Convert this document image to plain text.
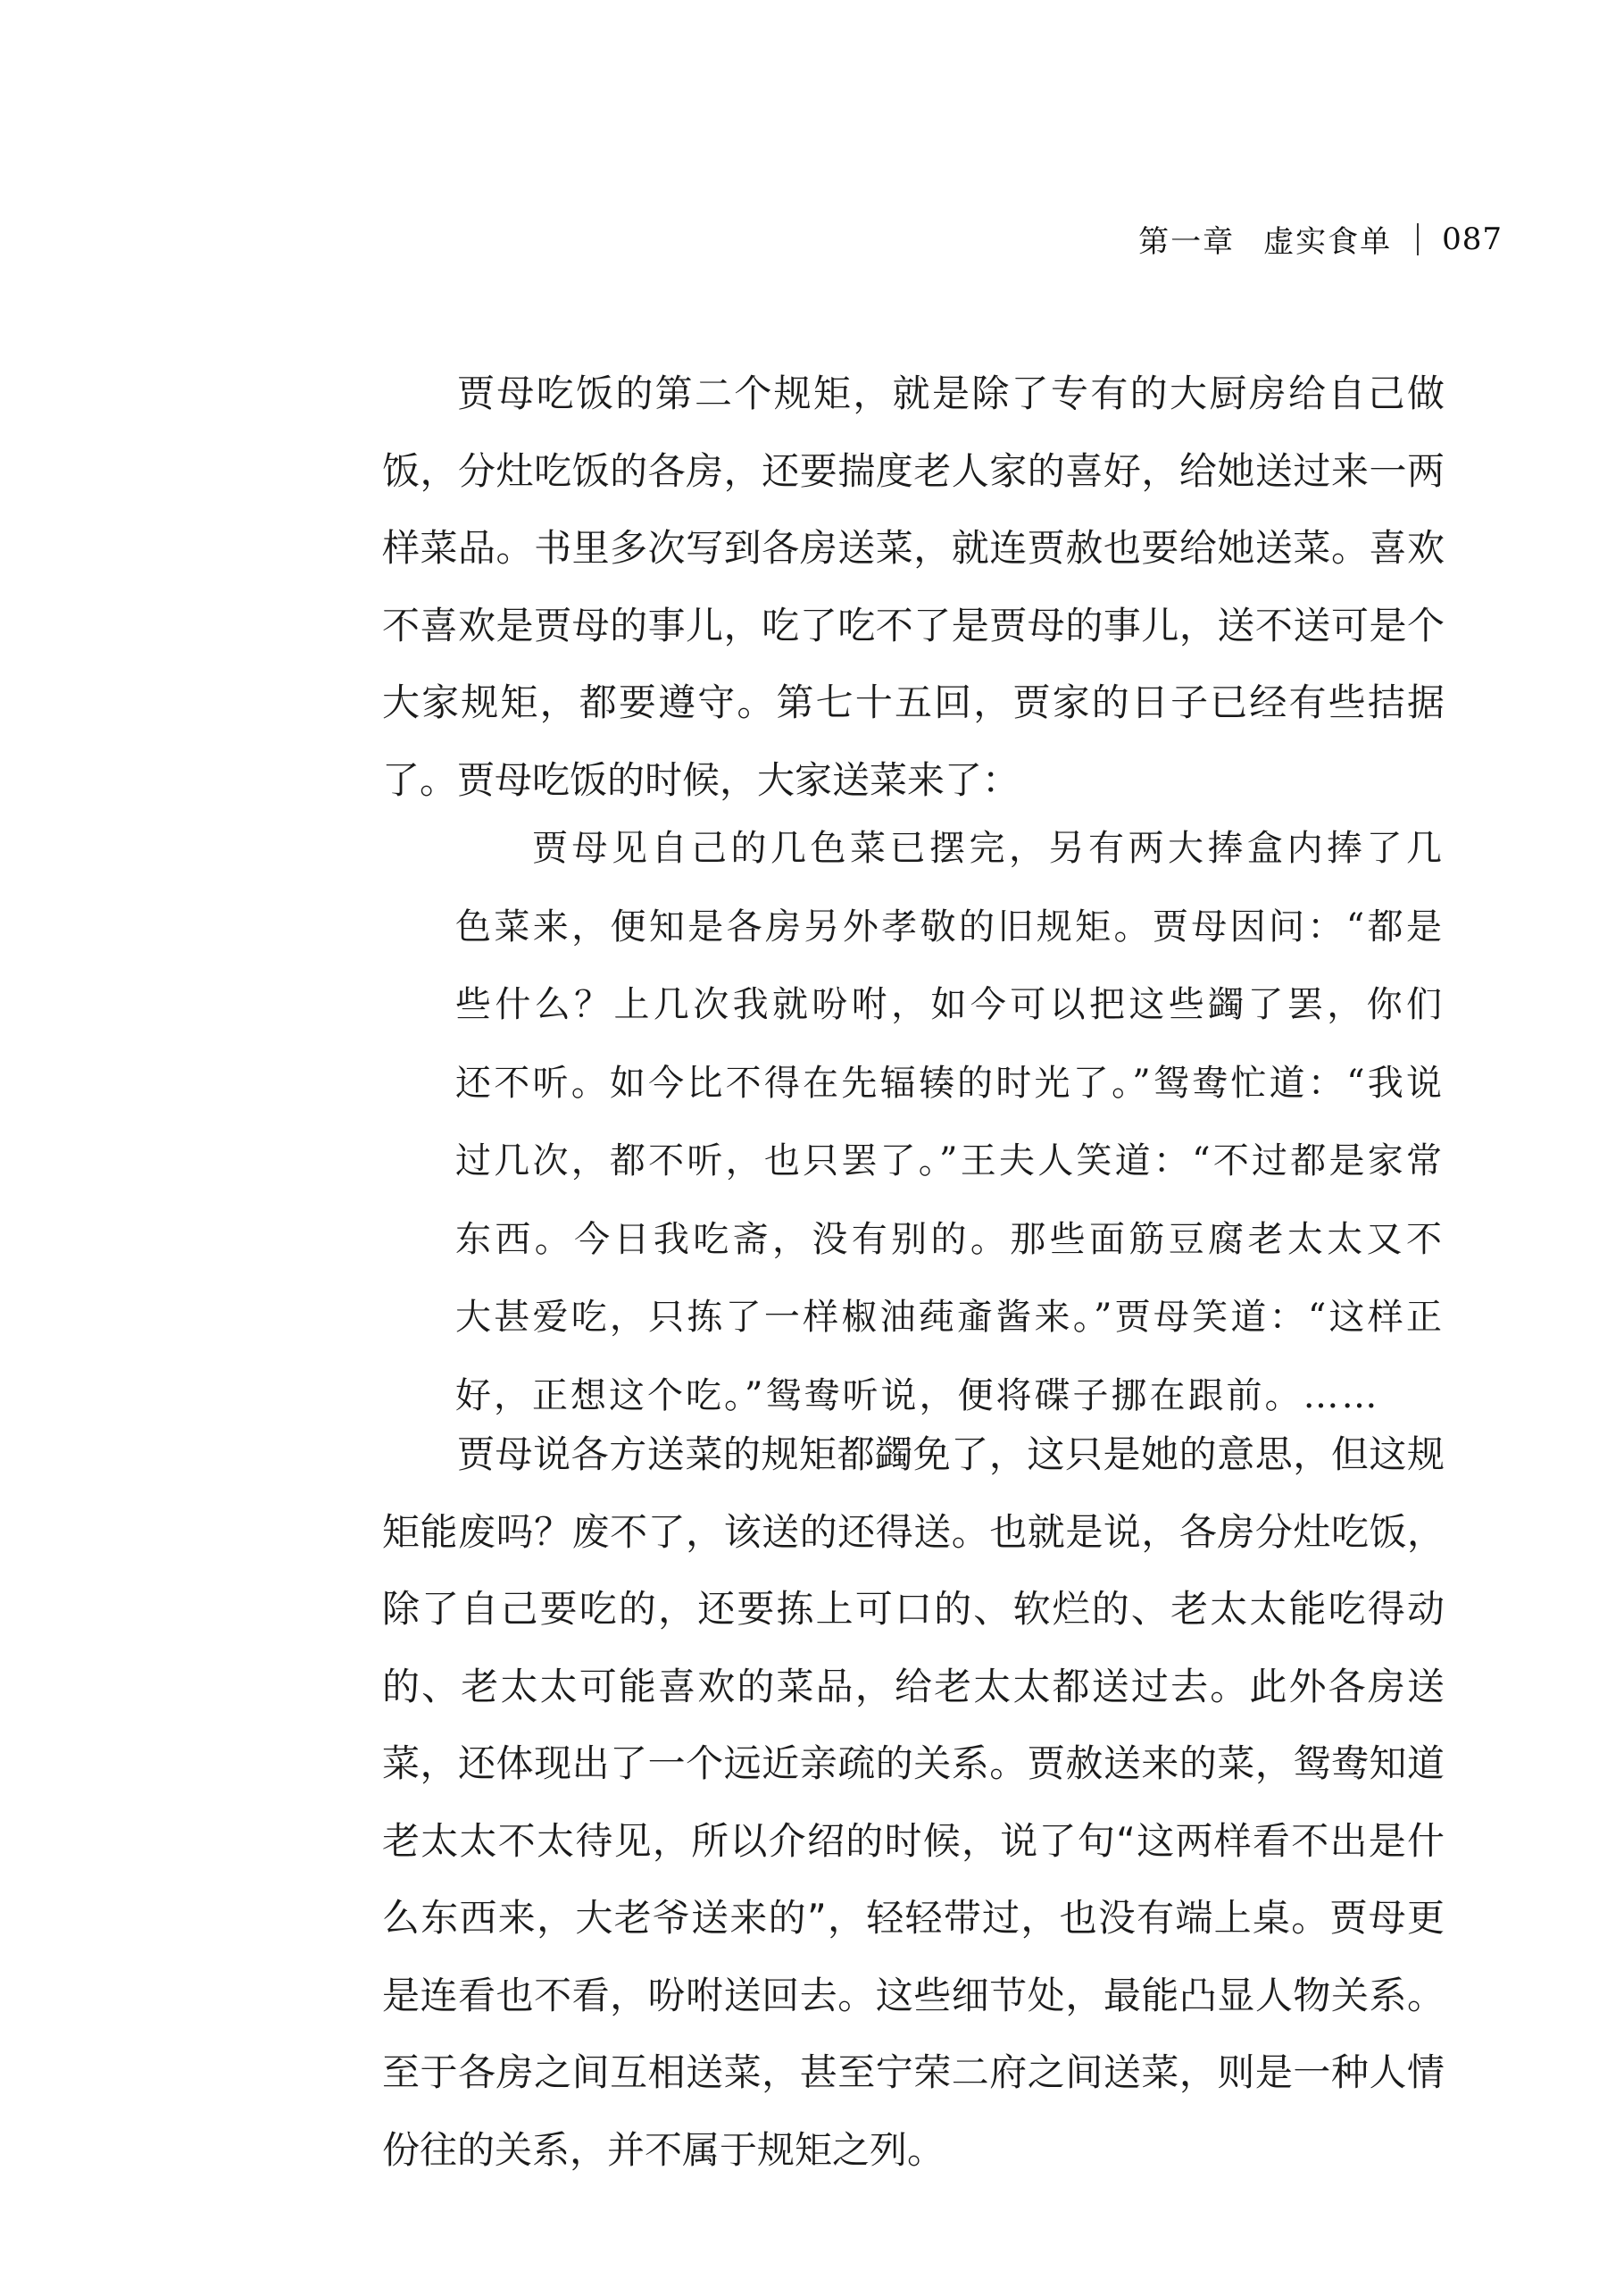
第一章 虚实食单 087

贾母吃饭的第二个规矩，就是除了专有的大厨房给自己做饭，分灶吃饭的各房，还要揣度老人家的喜好，给她送过来一两样菜品。书里多次写到各房送菜，就连贾赦也要给她送菜。喜欢不喜欢是贾母的事儿，吃了吃不了是贾母的事儿，送不送可是个大家规矩，都要遵守。第七十五回，贾家的日子已经有些拮据了。贾母吃饭的时候，大家送菜来了：

贾母见自己的几色菜已摆完，另有两大捧盒内捧了几色菜来，便知是各房另外孝敬的旧规矩。贾母因问：“都是些什么？上几次我就吩咐，如今可以把这些蠲了罢，你们还不听。如今比不得在先辐辏的时光了。”鸳鸯忙道：“我说过几次，都不听，也只罢了。”王夫人笑道：“不过都是家常东西。今日我吃斋，没有别的。那些面筋豆腐老太太又不大甚爱吃，只拣了一样椒油莼齑酱来。”贾母笑道：“这样正好，正想这个吃。”鸳鸯听说，便将碟子挪在跟前。……

贾母说各方送菜的规矩都蠲免了，这只是她的意思，但这规矩能废吗？废不了，该送的还得送。也就是说，各房分灶吃饭，除了自己要吃的，还要拣上可口的、软烂的、老太太能吃得动的、老太太可能喜欢的菜品，给老太太都送过去。此外各房送菜，还体现出了一个远近亲疏的关系。贾赦送来的菜，鸳鸯知道老太太不太待见，所以介绍的时候，说了句“这两样看不出是什么东西来，大老爷送来的”，轻轻带过，也没有端上桌。贾母更是连看也不看，吩咐送回去。这些细节处，最能凸显人物关系。至于各房之间互相送菜，甚至宁荣二府之间送菜，则是一种人情份往的关系，并不属于规矩之列。
